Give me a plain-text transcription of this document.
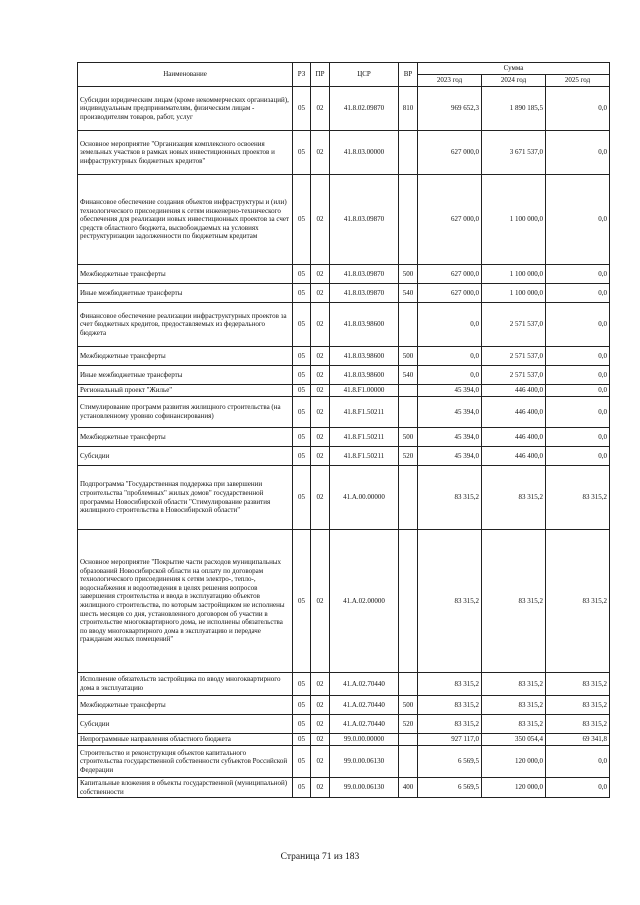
Наименование	РЗ	ПР	ЦСР	ВР	Сумма		
					2023 год	2024 год	2025 год
Субсидии юридическим лицам (кроме некоммерческих организаций), индивидуальным предпринимателям, физическим лицам - производителям товаров, работ, услуг	05	02	41.8.02.09870	810	969 652,3	1 890 185,5	0,0
Основное мероприятие "Организация комплексного освоения земельных участков в рамках новых инвестиционных проектов и инфраструктурных бюджетных кредитов"	05	02	41.8.03.00000		627 000,0	3 671 537,0	0,0
Финансовое обеспечение создания объектов инфраструктуры и (или) технологического присоединения к сетям инженерно-технического обеспечения для реализации новых инвестиционных проектов за счет средств областного бюджета, высвобождаемых на условиях реструктуризации задолженности по бюджетным кредитам	05	02	41.8.03.09870		627 000,0	1 100 000,0	0,0
Межбюджетные трансферты	05	02	41.8.03.09870	500	627 000,0	1 100 000,0	0,0
Иные межбюджетные трансферты	05	02	41.8.03.09870	540	627 000,0	1 100 000,0	0,0
Финансовое обеспечение реализации инфраструктурных проектов за счет бюджетных кредитов, предоставляемых из федерального бюджета	05	02	41.8.03.98600		0,0	2 571 537,0	0,0
Межбюджетные трансферты	05	02	41.8.03.98600	500	0,0	2 571 537,0	0,0
Иные межбюджетные трансферты	05	02	41.8.03.98600	540	0,0	2 571 537,0	0,0
Региональный проект "Жилье"	05	02	41.8.F1.00000		45 394,0	446 400,0	0,0
Стимулирование программ развития жилищного строительства (на установленному уровню софинансирования)	05	02	41.8.F1.50211		45 394,0	446 400,0	0,0
Межбюджетные трансферты	05	02	41.8.F1.50211	500	45 394,0	446 400,0	0,0
Субсидии	05	02	41.8.F1.50211	520	45 394,0	446 400,0	0,0
Подпрограмма "Государственная поддержка при завершении строительства "проблемных" жилых домов" государственной программы Новосибирской области "Стимулирование развития жилищного строительства в Новосибирской области"	05	02	41.А.00.00000		83 315,2	83 315,2	83 315,2
Основное мероприятие "Покрытие части расходов муниципальных образований Новосибирской области на оплату по договорам технологического присоединения к сетям электро-, тепло-, водоснабжения и водоотведения в целях решения вопросов завершения строительства и ввода в эксплуатацию объектов жилищного строительства, по которым застройщиком не исполнены шесть месяцев со дня, установленного договором об участии в строительстве многоквартирного дома, не исполнены обязательства по вводу многоквартирного дома в эксплуатацию и передаче гражданам жилых помещений"	05	02	41.А.02.00000		83 315,2	83 315,2	83 315,2
Исполнение обязательств застройщика по вводу многоквартирного дома в эксплуатацию	05	02	41.А.02.70440		83 315,2	83 315,2	83 315,2
Межбюджетные трансферты	05	02	41.А.02.70440	500	83 315,2	83 315,2	83 315,2
Субсидии	05	02	41.А.02.70440	520	83 315,2	83 315,2	83 315,2
Непрограммные направления областного бюджета	05	02	99.0.00.00000		927 117,0	350 054,4	69 341,8
Строительство и реконструкция объектов капитального строительства государственной собственности субъектов Российской Федерации	05	02	99.0.00.06130		6 569,5	120 000,0	0,0
Капитальные вложения в объекты государственной (муниципальной) собственности	05	02	99.0.00.06130	400	6 569,5	120 000,0	0,0
Страница 71 из 183
